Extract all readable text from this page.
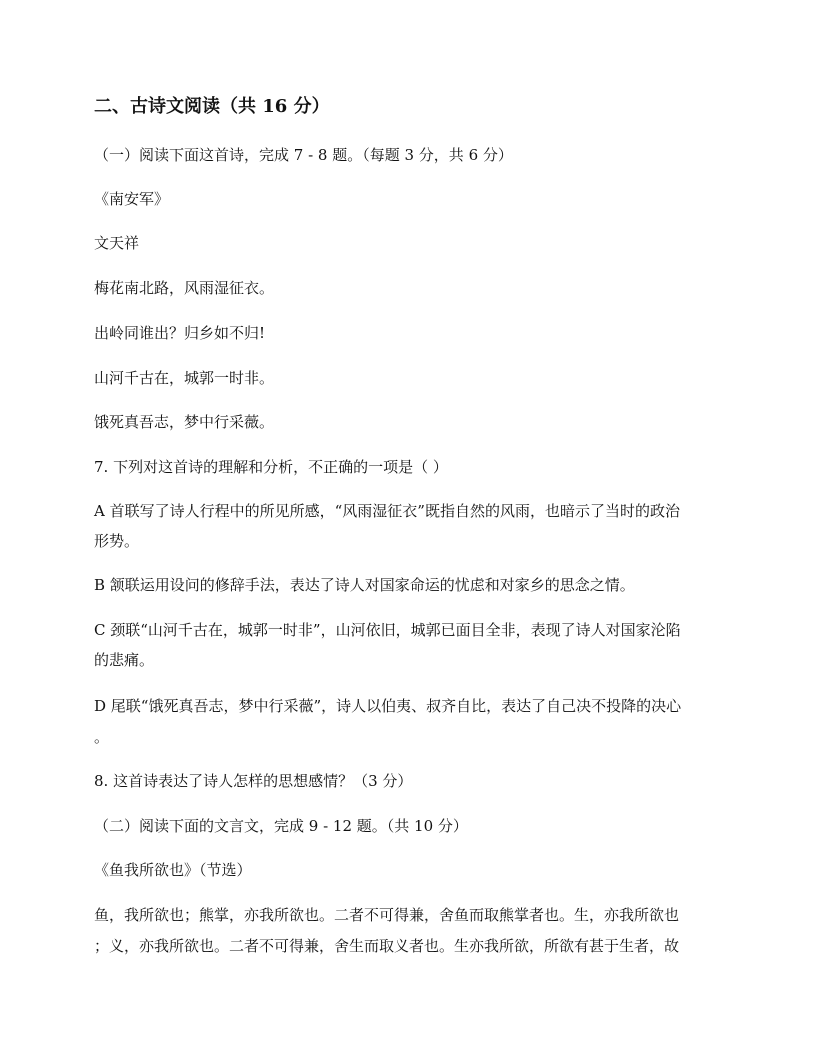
二、古诗文阅读（共 16 分）
（一）阅读下面这首诗，完成 7 - 8 题。（每题 3 分，共 6 分）
《南安军》
文天祥
梅花南北路，风雨湿征衣。
出岭同谁出？归乡如不归!
山河千古在，城郭一时非。
饿死真吾志，梦中行采薇。
7. 下列对这首诗的理解和分析，不正确的一项是（ ）
A 首联写了诗人行程中的所见所感，“风雨湿征衣”既指自然的风雨，也暗示了当时的政治
形势。
B 颔联运用设问的修辞手法，表达了诗人对国家命运的忧虑和对家乡的思念之情。
C 颈联“山河千古在，城郭一时非”，山河依旧，城郭已面目全非，表现了诗人对国家沦陷
的悲痛。
D 尾联“饿死真吾志，梦中行采薇”，诗人以伯夷、叔齐自比，表达了自己决不投降的决心
。
8. 这首诗表达了诗人怎样的思想感情？（3 分）
（二）阅读下面的文言文，完成 9 - 12 题。（共 10 分）
《鱼我所欲也》（节选）
鱼，我所欲也；熊掌，亦我所欲也。二者不可得兼，舍鱼而取熊掌者也。生，亦我所欲也
；义，亦我所欲也。二者不可得兼，舍生而取义者也。生亦我所欲，所欲有甚于生者，故
